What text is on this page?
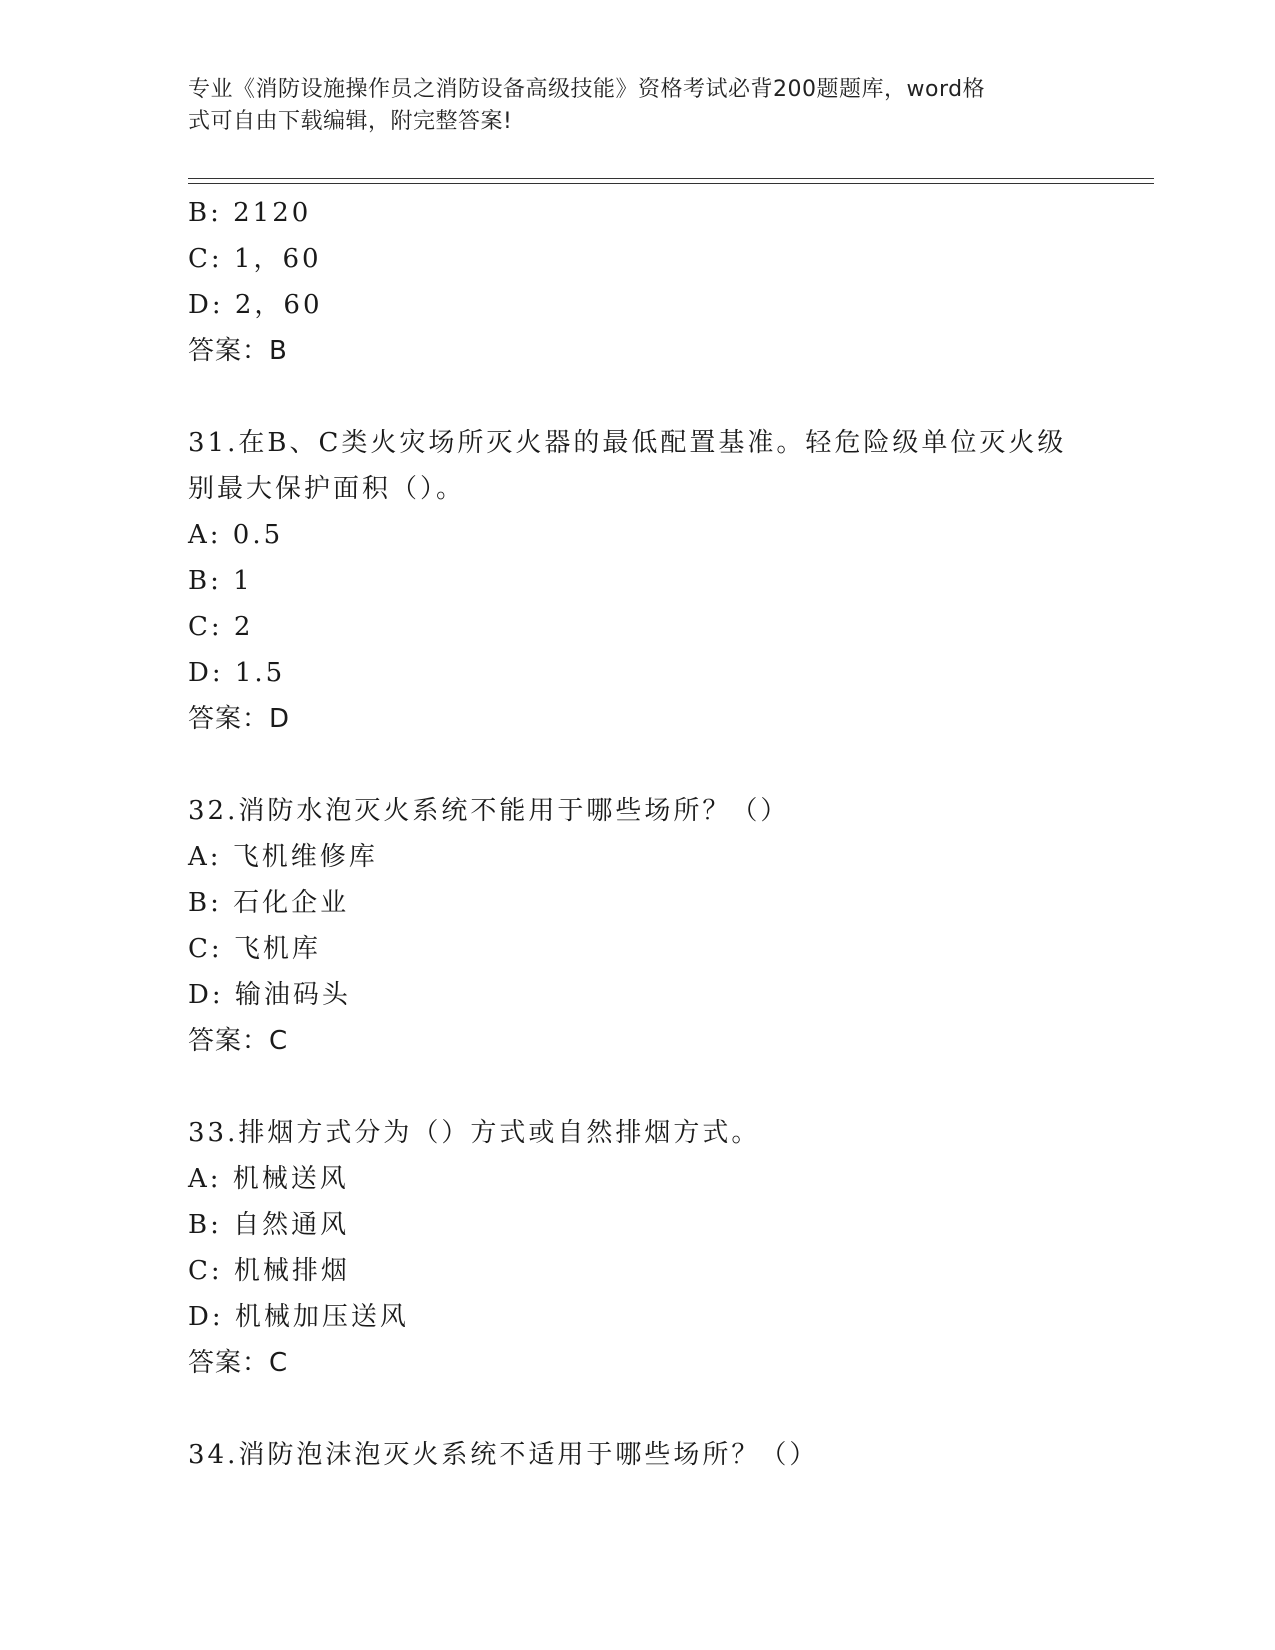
专业《消防设施操作员之消防设备高级技能》资格考试必背200题题库，word格
式可自由下载编辑，附完整答案!
B: 2120
C: 1，60
D: 2，60
答案：B
31.在B、C类火灾场所灭火器的最低配置基准。轻危险级单位灭火级
别最大保护面积（）。
A: 0.5
B: 1
C: 2
D: 1.5
答案：D
32.消防水泡灭火系统不能用于哪些场所？（）
A: 飞机维修库
B: 石化企业
C: 飞机库
D: 输油码头
答案：C
33.排烟方式分为（）方式或自然排烟方式。
A: 机械送风
B: 自然通风
C: 机械排烟
D: 机械加压送风
答案：C
34.消防泡沫泡灭火系统不适用于哪些场所？（）
